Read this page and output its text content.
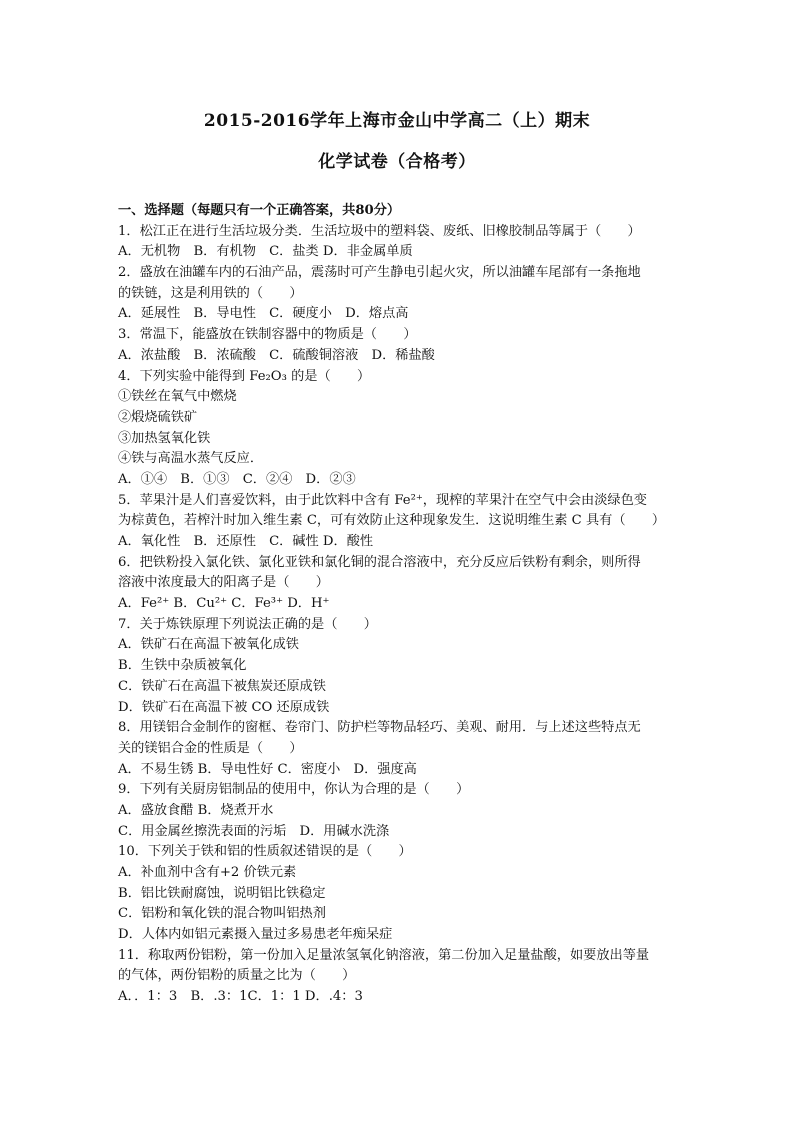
2015-2016学年上海市金山中学高二（上）期末
化学试卷（合格考）
一、选择题（每题只有一个正确答案，共80分）
1．松江正在进行生活垃圾分类．生活垃圾中的塑料袋、废纸、旧橡胶制品等属于（　　）
A．无机物　B．有机物　C．盐类 D．非金属单质
2．盛放在油罐车内的石油产品，震荡时可产生静电引起火灾，所以油罐车尾部有一条拖地
的铁链，这是利用铁的（　　）
A．延展性　B．导电性　C．硬度小　D．熔点高
3．常温下，能盛放在铁制容器中的物质是（　　）
A．浓盐酸　B．浓硫酸　C．硫酸铜溶液　D．稀盐酸
4．下列实验中能得到 Fe₂O₃ 的是（　　）
①铁丝在氧气中燃烧
②煅烧硫铁矿
③加热氢氧化铁
④铁与高温水蒸气反应．
A．①④　B．①③　C．②④　D．②③
5．苹果汁是人们喜爱饮料，由于此饮料中含有 Fe²⁺，现榨的苹果汁在空气中会由淡绿色变
为棕黄色，若榨汁时加入维生素 C，可有效防止这种现象发生．这说明维生素 C 具有（　　）
A．氧化性　B．还原性　C．碱性 D．酸性
6．把铁粉投入氯化铁、氯化亚铁和氯化铜的混合溶液中，充分反应后铁粉有剩余，则所得
溶液中浓度最大的阳离子是（　　）
A．Fe²⁺ B．Cu²⁺ C．Fe³⁺ D．H⁺
7．关于炼铁原理下列说法正确的是（　　）
A．铁矿石在高温下被氧化成铁
B．生铁中杂质被氧化
C．铁矿石在高温下被焦炭还原成铁
D．铁矿石在高温下被 CO 还原成铁
8．用镁铝合金制作的窗框、卷帘门、防护栏等物品轻巧、美观、耐用．与上述这些特点无
关的镁铝合金的性质是（　　）
A．不易生锈 B．导电性好 C．密度小　D．强度高
9．下列有关厨房铝制品的使用中，你认为合理的是（　　）
A．盛放食醋 B．烧煮开水
C．用金属丝擦洗表面的污垢　D．用碱水洗涤
10．下列关于铁和铝的性质叙述错误的是（　　）
A．补血剂中含有+2 价铁元素
B．铝比铁耐腐蚀，说明铝比铁稳定
C．铝粉和氧化铁的混合物叫铝热剂
D．人体内如铝元素摄入量过多易患老年痴呆症
11．称取两份铝粉，第一份加入足量浓氢氧化钠溶液，第二份加入足量盐酸，如要放出等量
的气体，两份铝粉的质量之比为（　　）
A．．1：3　B．.3：1C．1：1 D．.4：3
